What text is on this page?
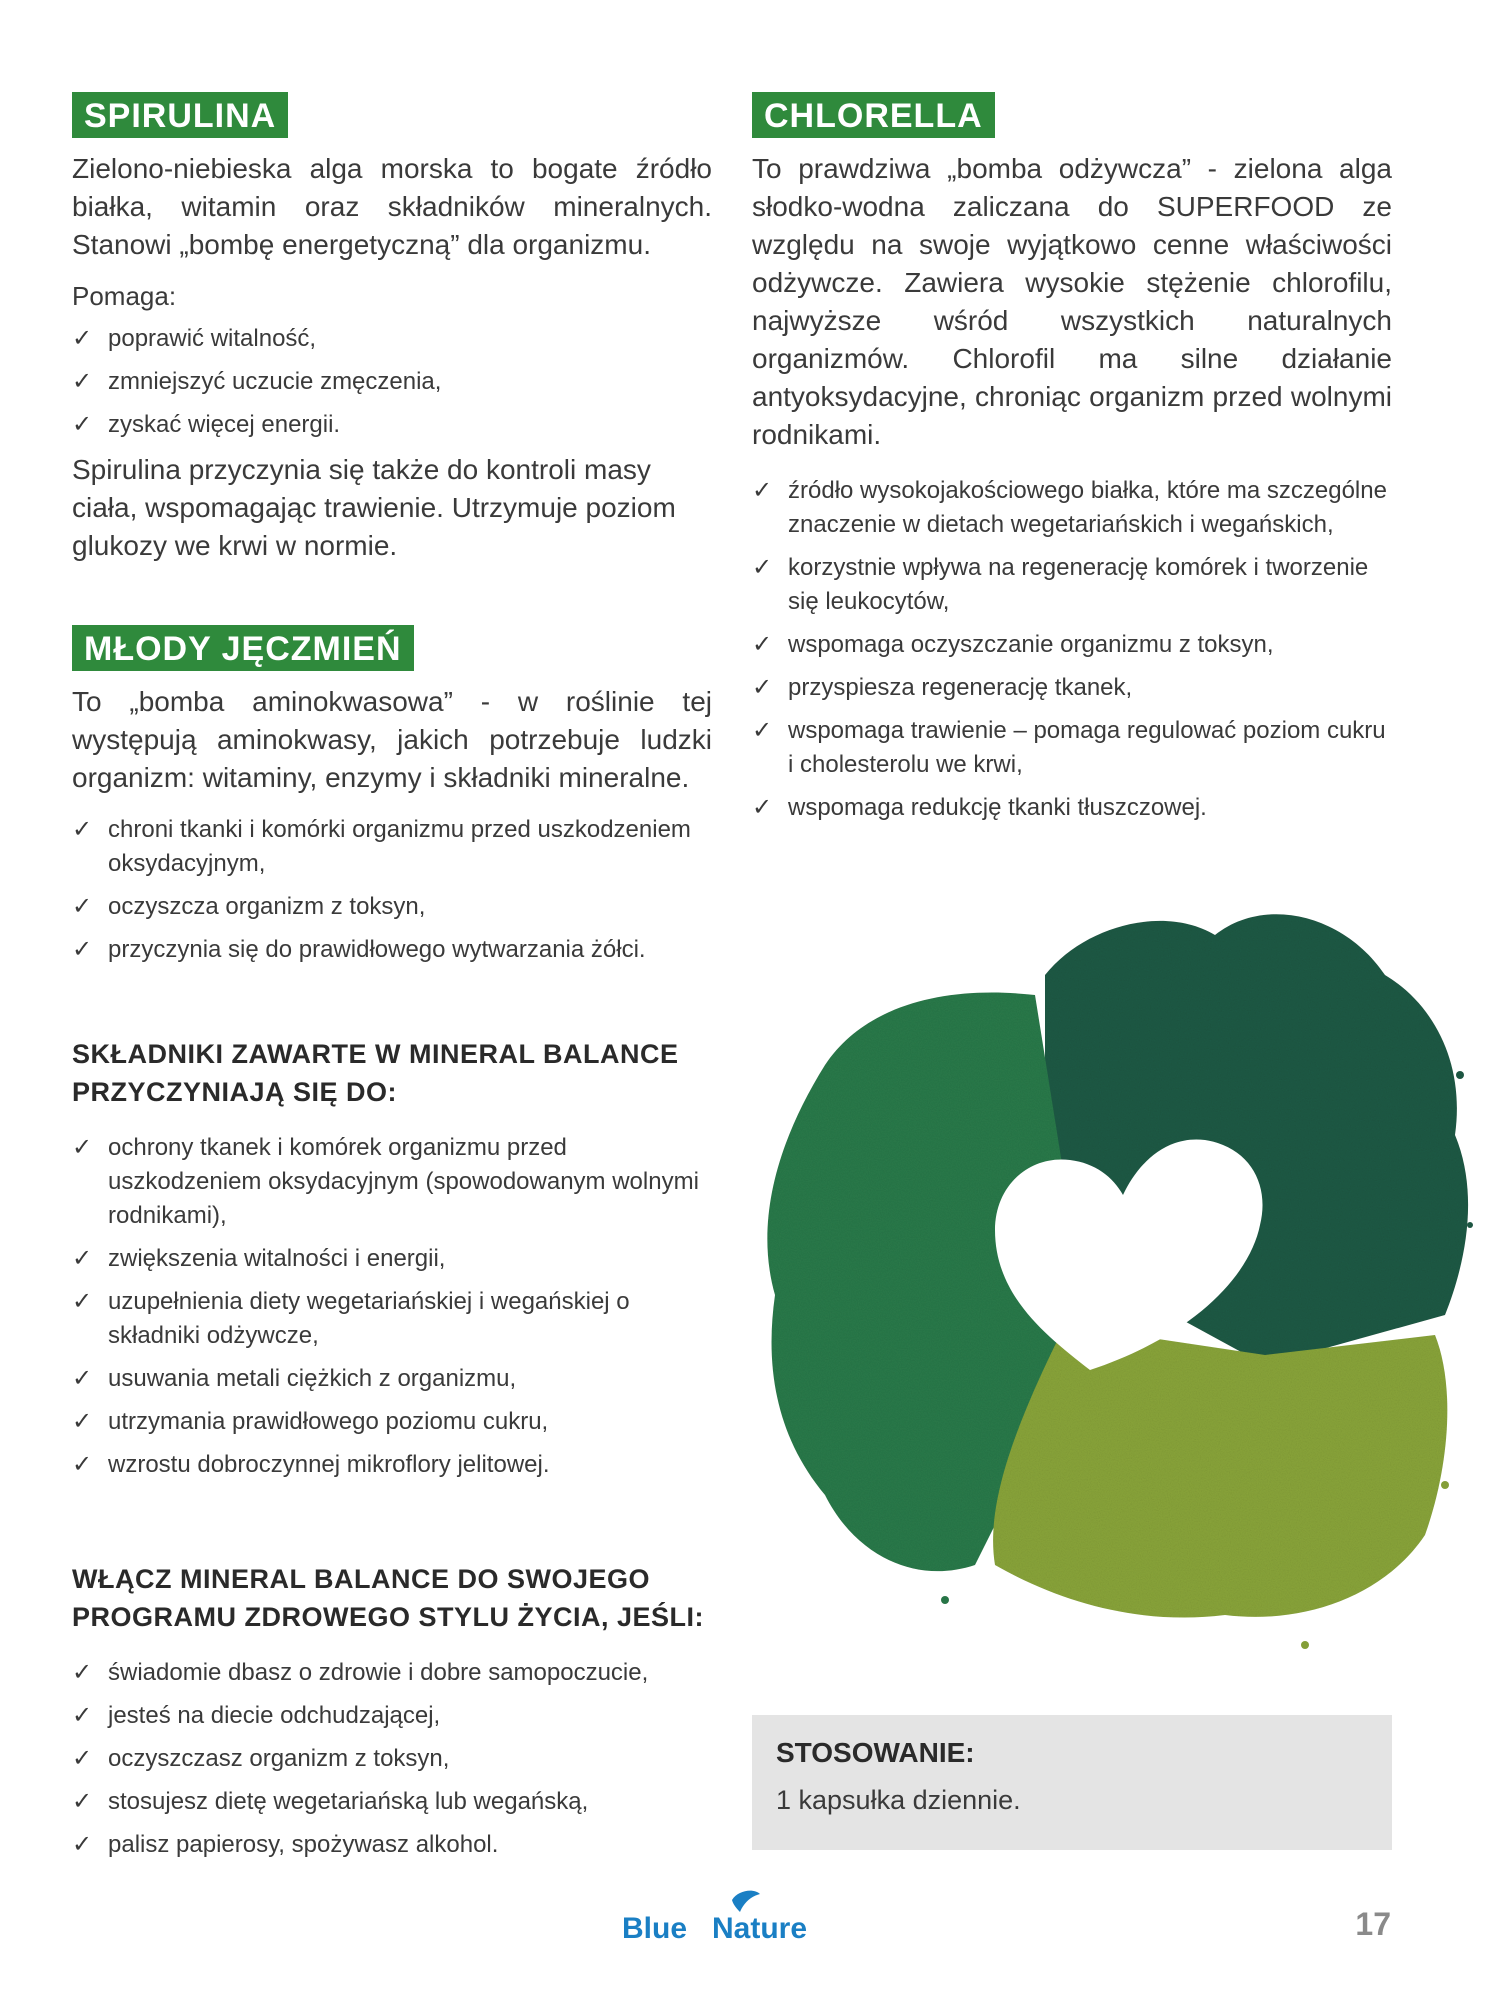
SPIRULINA

Zielono-niebieska alga morska to bogate źródło białka, witamin oraz składników mineralnych. Stanowi „bombę energetyczną” dla organizmu.

Pomaga:

✓ poprawić witalność,
✓ zmniejszyć uczucie zmęczenia,
✓ zyskać więcej energii.

Spirulina przyczynia się także do kontroli masy ciała, wspomagając trawienie. Utrzymuje poziom glukozy we krwi w normie.

MŁODY JĘCZMIEŃ

To „bomba aminokwasowa” - w roślinie tej występują aminokwasy, jakich potrzebuje ludzki organizm: witaminy, enzymy i składniki mineralne.

✓ chroni tkanki i komórki organizmu przed uszkodzeniem oksydacyjnym,
✓ oczyszcza organizm z toksyn,
✓ przyczynia się do prawidłowego wytwarzania żółci.
SKŁADNIKI ZAWARTE W MINERAL BALANCE PRZYCZYNIAJĄ SIĘ DO:
✓ ochrony tkanek i komórek organizmu przed uszkodzeniem oksydacyjnym (spowodowanym wolnymi rodnikami),
✓ zwiększenia witalności i energii,
✓ uzupełnienia diety wegetariańskiej i wegańskiej o składniki odżywcze,
✓ usuwania metali ciężkich z organizmu,
✓ utrzymania prawidłowego poziomu cukru,
✓ wzrostu dobroczynnej mikroflory jelitowej.
WŁĄCZ MINERAL BALANCE DO SWOJEGO PROGRAMU ZDROWEGO STYLU ŻYCIA, JEŚLI:
✓ świadomie dbasz o zdrowie i dobre samopoczucie,
✓ jesteś na diecie odchudzającej,
✓ oczyszczasz organizm z toksyn,
✓ stosujesz dietę wegetariańską lub wegańską,
✓ palisz papierosy, spożywasz alkohol.
CHLORELLA

To prawdziwa „bomba odżywcza” - zielona alga słodko-wodna zaliczana do SUPERFOOD ze względu na swoje wyjątkowo cenne właściwości odżywcze. Zawiera wysokie stężenie chlorofilu, najwyższe wśród wszystkich naturalnych organizmów. Chlorofil ma silne działanie antyoksydacyjne, chroniąc organizm przed wolnymi rodnikami.

✓ źródło wysokojakościowego białka, które ma szczególne znaczenie w dietach wegetariańskich i wegańskich,
✓ korzystnie wpływa na regenerację komórek i tworzenie się leukocytów,
✓ wspomaga oczyszczanie organizmu z toksyn,
✓ przyspiesza regenerację tkanek,
✓ wspomaga trawienie – pomaga regulować poziom cukru i cholesterolu we krwi,
✓ wspomaga redukcję tkanki tłuszczowej.
STOSOWANIE:
1 kapsułka dziennie.
Blue Nature	17
